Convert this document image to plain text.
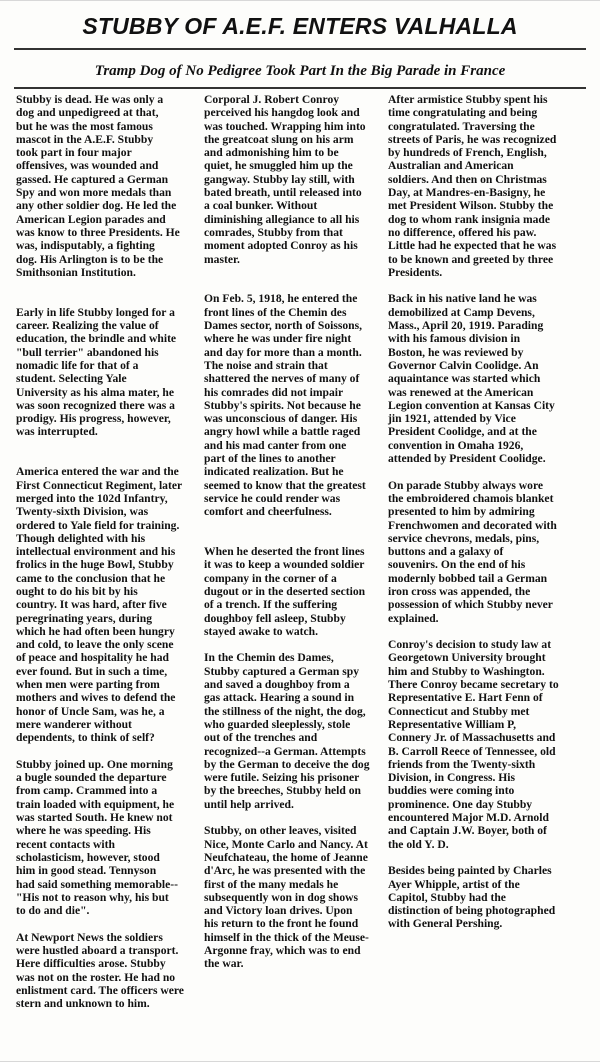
STUBBY OF A.E.F. ENTERS VALHALLA
Tramp Dog of No Pedigree Took Part In the Big Parade in France

Stubby is dead. He was only a
dog and unpedigreed at that,
but he was the most famous
mascot in the A.E.F. Stubby
took part in four major
offensives, was wounded and
gassed. He captured a German
Spy and won more medals than
any other soldier dog. He led the
American Legion parades and
was know to three Presidents. He
was, indisputably, a fighting
dog. His Arlington is to be the
Smithsonian Institution.

Early in life Stubby longed for a
career. Realizing the value of
education, the brindle and white
"bull terrier" abandoned his
nomadic life for that of a
student. Selecting Yale
University as his alma mater, he
was soon recognized there was a
prodigy. His progress, however,
was interrupted.

America entered the war and the
First Connecticut Regiment, later
merged into the 102d Infantry,
Twenty-sixth Division, was
ordered to Yale field for training.
Though delighted with his
intellectual environment and his
frolics in the huge Bowl, Stubby
came to the conclusion that he
ought to do his bit by his
country. It was hard, after five
peregrinating years, during
which he had often been hungry
and cold, to leave the only scene
of peace and hospitality he had
ever found. But in such a time,
when men were parting from
mothers and wives to defend the
honor of Uncle Sam, was he, a
mere wanderer without
dependents, to think of self?

Stubby joined up. One morning
a bugle sounded the departure
from camp. Crammed into a
train loaded with equipment, he
was started South. He knew not
where he was speeding. His
recent contacts with
scholasticism, however, stood
him in good stead. Tennyson
had said something memorable--
"His not to reason why, his but
to do and die".

At Newport News the soldiers
were hustled aboard a transport.
Here difficulties arose. Stubby
was not on the roster. He had no
enlistment card. The officers were
stern and unknown to him.

Corporal J. Robert Conroy
perceived his hangdog look and
was touched. Wrapping him into
the greatcoat slung on his arm
and admonishing him to be
quiet, he smuggled him up the
gangway. Stubby lay still, with
bated breath, until released into
a coal bunker. Without
diminishing allegiance to all his
comrades, Stubby from that
moment adopted Conroy as his
master.

On Feb. 5, 1918, he entered the
front lines of the Chemin des
Dames sector, north of Soissons,
where he was under fire night
and day for more than a month.
The noise and strain that
shattered the nerves of many of
his comrades did not impair
Stubby's spirits. Not because he
was unconscious of danger. His
angry howl while a battle raged
and his mad canter from one
part of the lines to another
indicated realization. But he
seemed to know that the greatest
service he could render was
comfort and cheerfulness.

When he deserted the front lines
it was to keep a wounded soldier
company in the corner of a
dugout or in the deserted section
of a trench. If the suffering
doughboy fell asleep, Stubby
stayed awake to watch.

In the Chemin des Dames,
Stubby captured a German spy
and saved a doughboy from a
gas attack. Hearing a sound in
the stillness of the night, the dog,
who guarded sleeplessly, stole
out of the trenches and
recognized--a German. Attempts
by the German to deceive the dog
were futile. Seizing his prisoner
by the breeches, Stubby held on
until help arrived.

Stubby, on other leaves, visited
Nice, Monte Carlo and Nancy. At
Neufchateau, the home of Jeanne
d'Arc, he was presented with the
first of the many medals he
subsequently won in dog shows
and Victory loan drives. Upon
his return to the front he found
himself in the thick of the Meuse-
Argonne fray, which was to end
the war.

After armistice Stubby spent his
time congratulating and being
congratulated. Traversing the
streets of Paris, he was recognized
by hundreds of French, English,
Australian and American
soldiers. And then on Christmas
Day, at Mandres-en-Basigny, he
met President Wilson. Stubby the
dog to whom rank insignia made
no difference, offered his paw.
Little had he expected that he was
to be known and greeted by three
Presidents.

Back in his native land he was
demobilized at Camp Devens,
Mass., April 20, 1919. Parading
with his famous division in
Boston, he was reviewed by
Governor Calvin Coolidge. An
aquaintance was started which
was renewed at the American
Legion convention at Kansas City
jin 1921, attended by Vice
President Coolidge, and at the
convention in Omaha 1926,
attended by President Coolidge.

On parade Stubby always wore
the embroidered chamois blanket
presented to him by admiring
Frenchwomen and decorated with
service chevrons, medals, pins,
buttons and a galaxy of
souvenirs. On the end of his
modernly bobbed tail a German
iron cross was appended, the
possession of which Stubby never
explained.

Conroy's decision to study law at
Georgetown University brought
him and Stubby to Washington.
There Conroy became secretary to
Representative E. Hart Fenn of
Connecticut and Stubby met
Representative William P,
Connery Jr. of Massachusetts and
B. Carroll Reece of Tennessee, old
friends from the Twenty-sixth
Division, in Congress. His
buddies were coming into
prominence. One day Stubby
encountered Major M.D. Arnold
and Captain J.W. Boyer, both of
the old Y. D.

Besides being painted by Charles
Ayer Whipple, artist of the
Capitol, Stubby had the
distinction of being photographed
with General Pershing.
